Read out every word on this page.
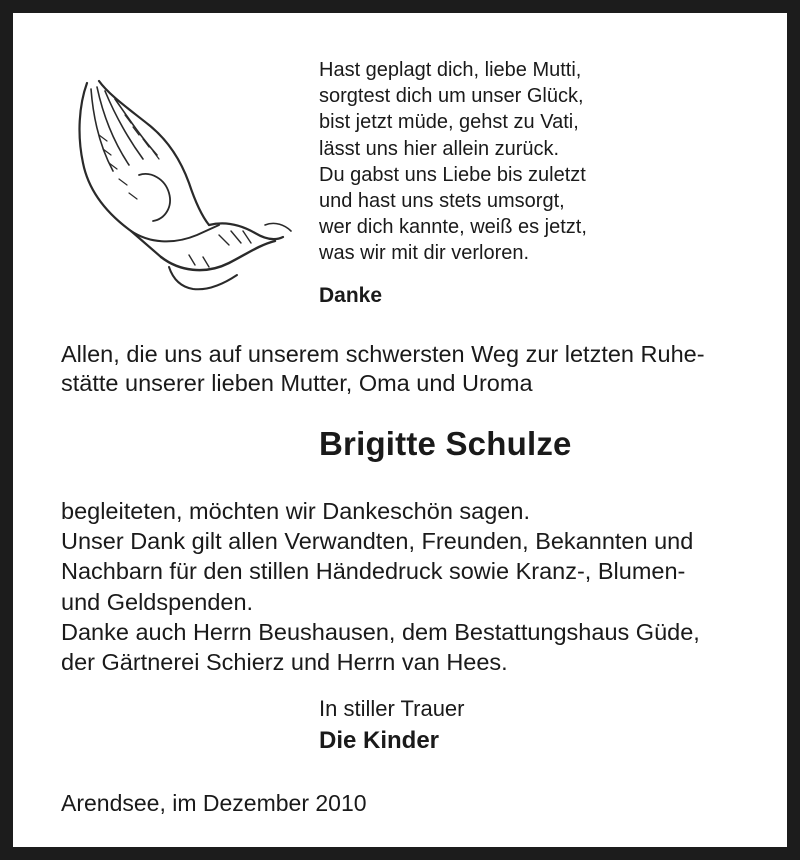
Hast geplagt dich, liebe Mutti,
sorgtest dich um unser Glück,
bist jetzt müde, gehst zu Vati,
lässt uns hier allein zurück.
Du gabst uns Liebe bis zuletzt
und hast uns stets umsorgt,
wer dich kannte, weiß es jetzt,
was wir mit dir verloren.
Danke
Allen, die uns auf unserem schwersten Weg zur letzten Ruhe-
stätte unserer lieben Mutter, Oma und Uroma
Brigitte Schulze
begleiteten, möchten wir Dankeschön sagen.
Unser Dank gilt allen Verwandten, Freunden, Bekannten und
Nachbarn für den stillen Händedruck sowie Kranz-, Blumen-
und Geldspenden.
Danke auch Herrn Beushausen, dem Bestattungshaus Güde,
der Gärtnerei Schierz und Herrn van Hees.
In stiller Trauer
Die Kinder
Arendsee, im Dezember 2010
